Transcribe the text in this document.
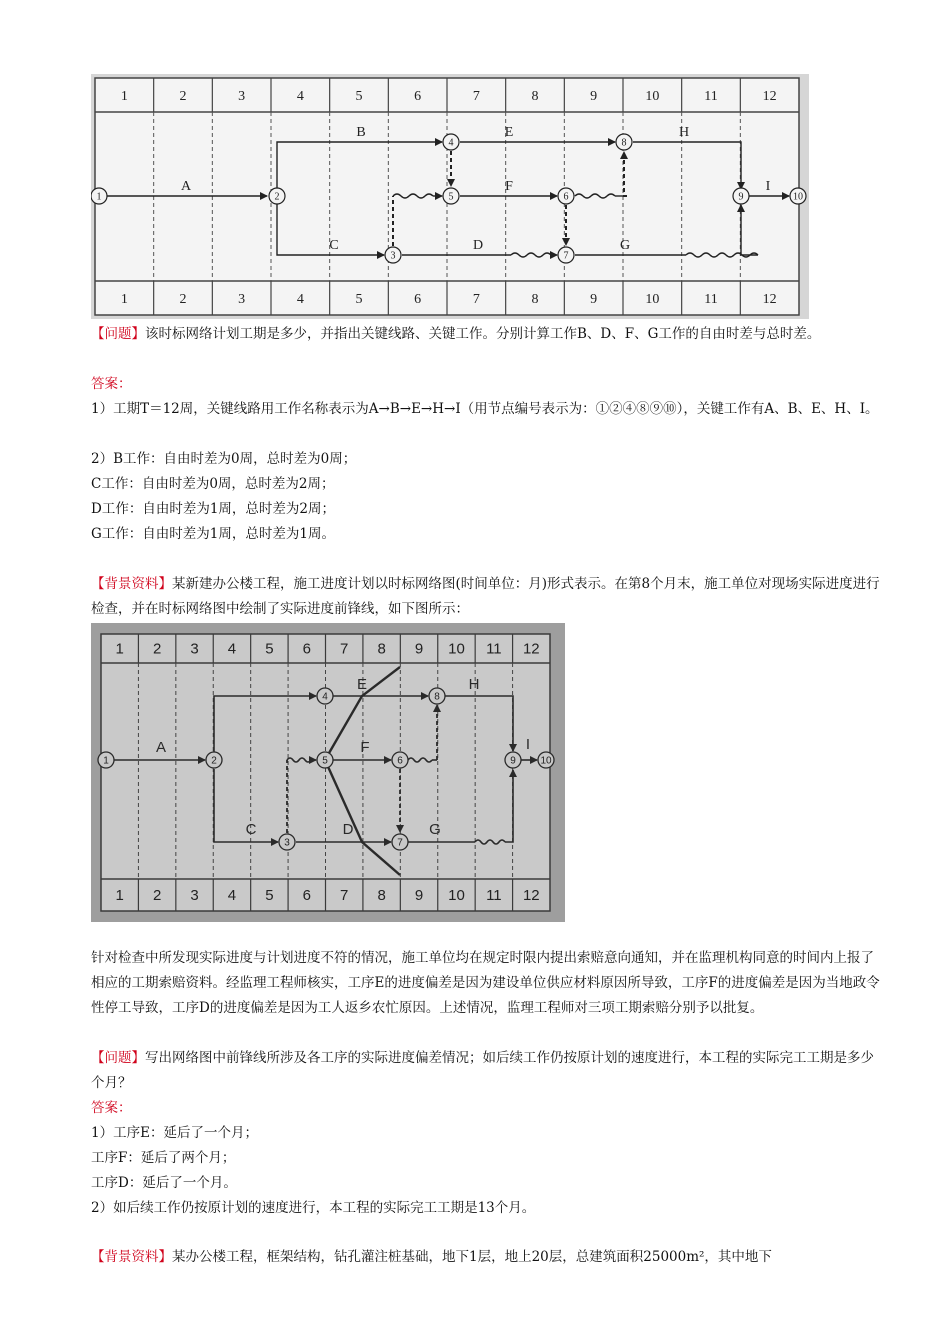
1	2	3	4	5	6	7	8	9	10	11	12
1	2	3	4	5	6	7	8	9	10	11	12
1	2
3
4
5	6
7
8
9	10
A
B
C	D
E
F
G
H
I

【问题】该时标网络计划工期是多少，并指出关键线路、关键工作。分别计算工作B、D、F、G工作的自由时差与总时差。

答案：

1）工期T＝12周，关键线路用工作名称表示为A→B→E→H→I（用节点编号表示为：①②④⑧⑨⑩），关键工作有A、B、E、H、I。

2）B工作：自由时差为0周，总时差为0周；

C工作：自由时差为0周，总时差为2周；

D工作：自由时差为1周，总时差为2周；

G工作：自由时差为1周，总时差为1周。

【背景资料】某新建办公楼工程，施工进度计划以时标网络图(时间单位：月)形式表示。在第8个月末，施工单位对现场实际进度进行检查，并在时标网络图中绘制了实际进度前锋线，如下图所示：

1 2 3 4 5 6 7 8 9 10 11 12
1 2 3 4 5 6 7 8 9 10 11 12
1	2
3
4
5	6
7
8
9 10
A
C	D
E
F
G
H
I

针对检查中所发现实际进度与计划进度不符的情况，施工单位均在规定时限内提出索赔意向通知，并在监理机构同意的时间内上报了相应的工期索赔资料。经监理工程师核实，工序E的进度偏差是因为建设单位供应材料原因所导致，工序F的进度偏差是因为当地政令性停工导致，工序D的进度偏差是因为工人返乡农忙原因。上述情况，监理工程师对三项工期索赔分别予以批复。

【问题】写出网络图中前锋线所涉及各工序的实际进度偏差情况；如后续工作仍按原计划的速度进行，本工程的实际完工工期是多少个月？

答案：

1）工序E：延后了一个月；

工序F：延后了两个月；

工序D：延后了一个月。

2）如后续工作仍按原计划的速度进行，本工程的实际完工工期是13个月。

【背景资料】某办公楼工程，框架结构，钻孔灌注桩基础，地下1层，地上20层，总建筑面积25000m²，其中地下
